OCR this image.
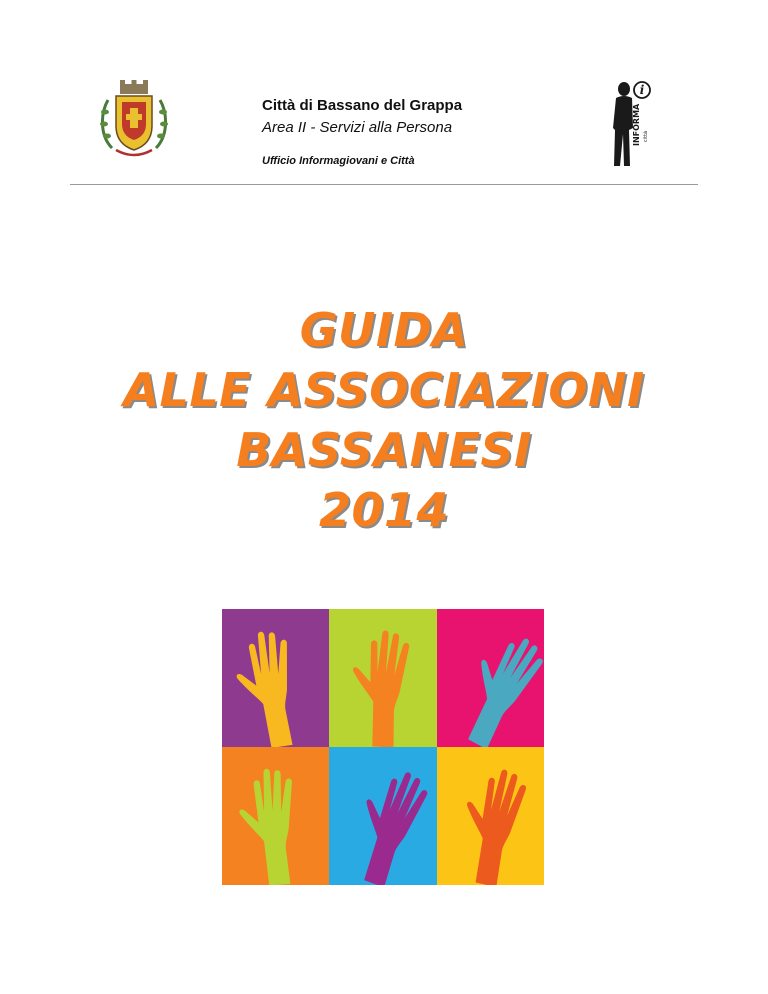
Città di Bassano del Grappa
Area II - Servizi alla Persona
Ufficio Informagiovani e Città
i
INFORMA città
GUIDA
ALLE ASSOCIAZIONI
BASSANESI
2014
